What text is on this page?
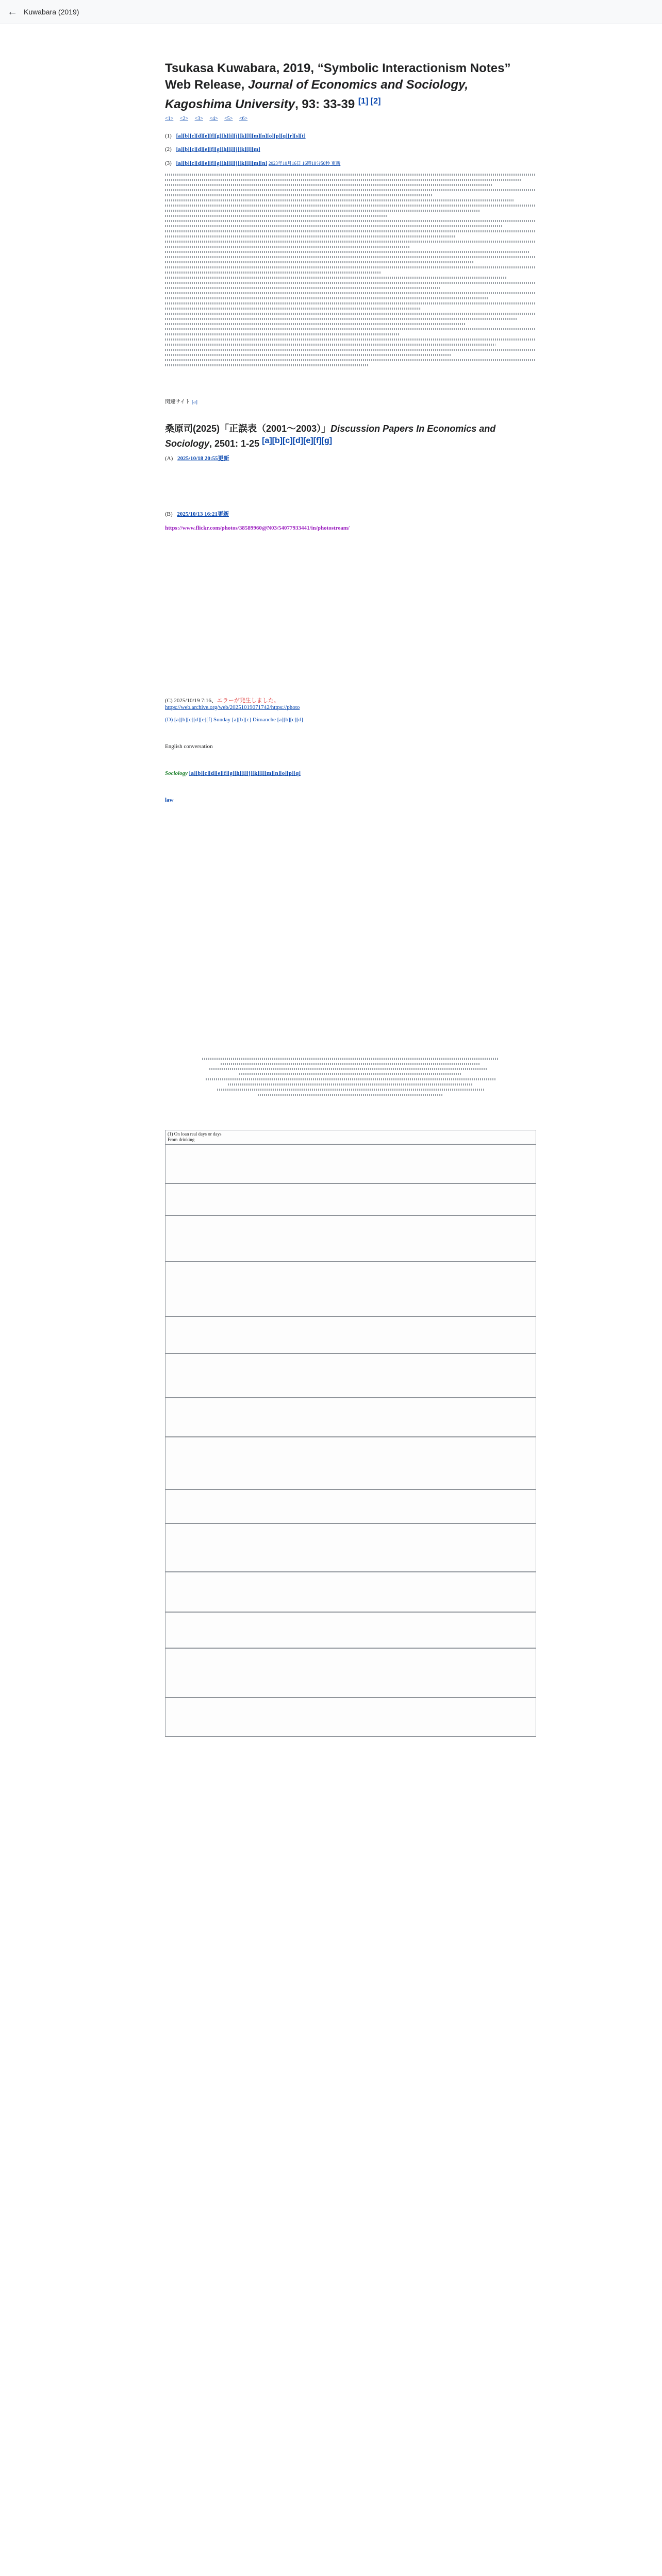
← Kuwabara (2019)
Tsukasa Kuwabara, 2019, “Symbolic Interactionism Notes” Web Release, Journal of Economics and Sociology, Kagoshima University, 93: 33-39 [1] [2]
<1> <2> <3> <4> <5> <6>
(1) [a][b][c][d][e][f][g][h][i][j][k][l][m][n][o][p][q][r][s][t]
(2) [a][b][c][d][e][f][g][h][i][j][k][l][m]
(3) [a][b][c][d][e][f][g][h][i][j][k][l][m][n] 2023年10月16日 16時18分50秒 更新
関連サイト [a]
桑原司(2025)「正誤表（2001〜2003）」Discussion Papers In Economics and Sociology, 2501: 1-25 [a][b][c][d][e][f][g]
(A) 2025/10/18 20:55更新
(B) 2025/10/13 16:21更新
https://www.flickr.com/photos/38589960@N03/54077933441/in/photostream/
(C) 2025/10/19 7:16、エラーが発生しました。
https://web.archive.org/web/20251019071742/https://photo
(D) [a][b][c][d][e][f] Sunday [a][b][c] Dimanche [a][b][c][d]
English conversation
Sociology [a][b][c][d][e][f][g][h][i][j][k][l][m][n][o][p][q]
law
(1) On loan real days or days
From drinking
